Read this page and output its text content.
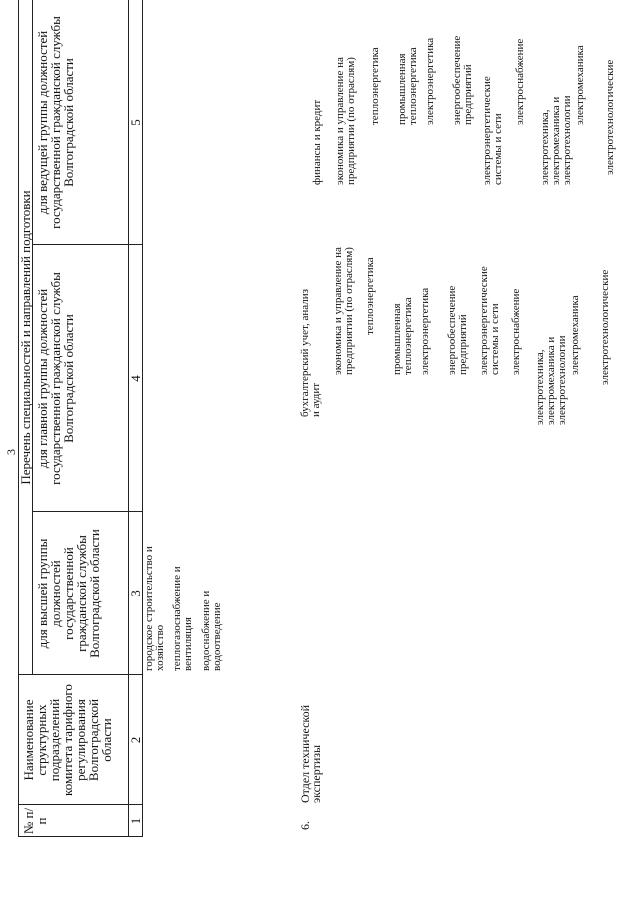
3
№ п/п
Наименование структурных подразделений комитета тарифного регулирования Волгоградской области
Перечень специальностей и направлений подготовки
для высшей группы должностей государственной гражданской службы Волгоградской области
для главной группы должностей государственной гражданской службы Волгоградской области
для ведущей группы должностей государственной гражданской службы Волгоградской области
1
2
3
4
5
городское строительство и хозяйство теплогазоснабжение и вентиляция водоснабжение и водоотведение
6.
Отдел технической экспертизы
бухгалтерский учет, анализ и аудит
экономика и управление на предприятии (по отраслям) теплоэнергетика
промышленная теплоэнергетика электроэнергетика энергообеспечение предприятий электроэнергетические системы и сети электроснабжение
электротехника, электромеханика и электротехнологии
электромеханика электротехнологические
финансы и кредит экономика и управление на предприятии (по отраслям) теплоэнергетика промышленная теплоэнергетика электроэнергетика энергообеспечение предприятий электроэнергетические системы и сети
электроснабжение
электротехника, электромеханика и электротехнологии
электромеханика электротехнологические
